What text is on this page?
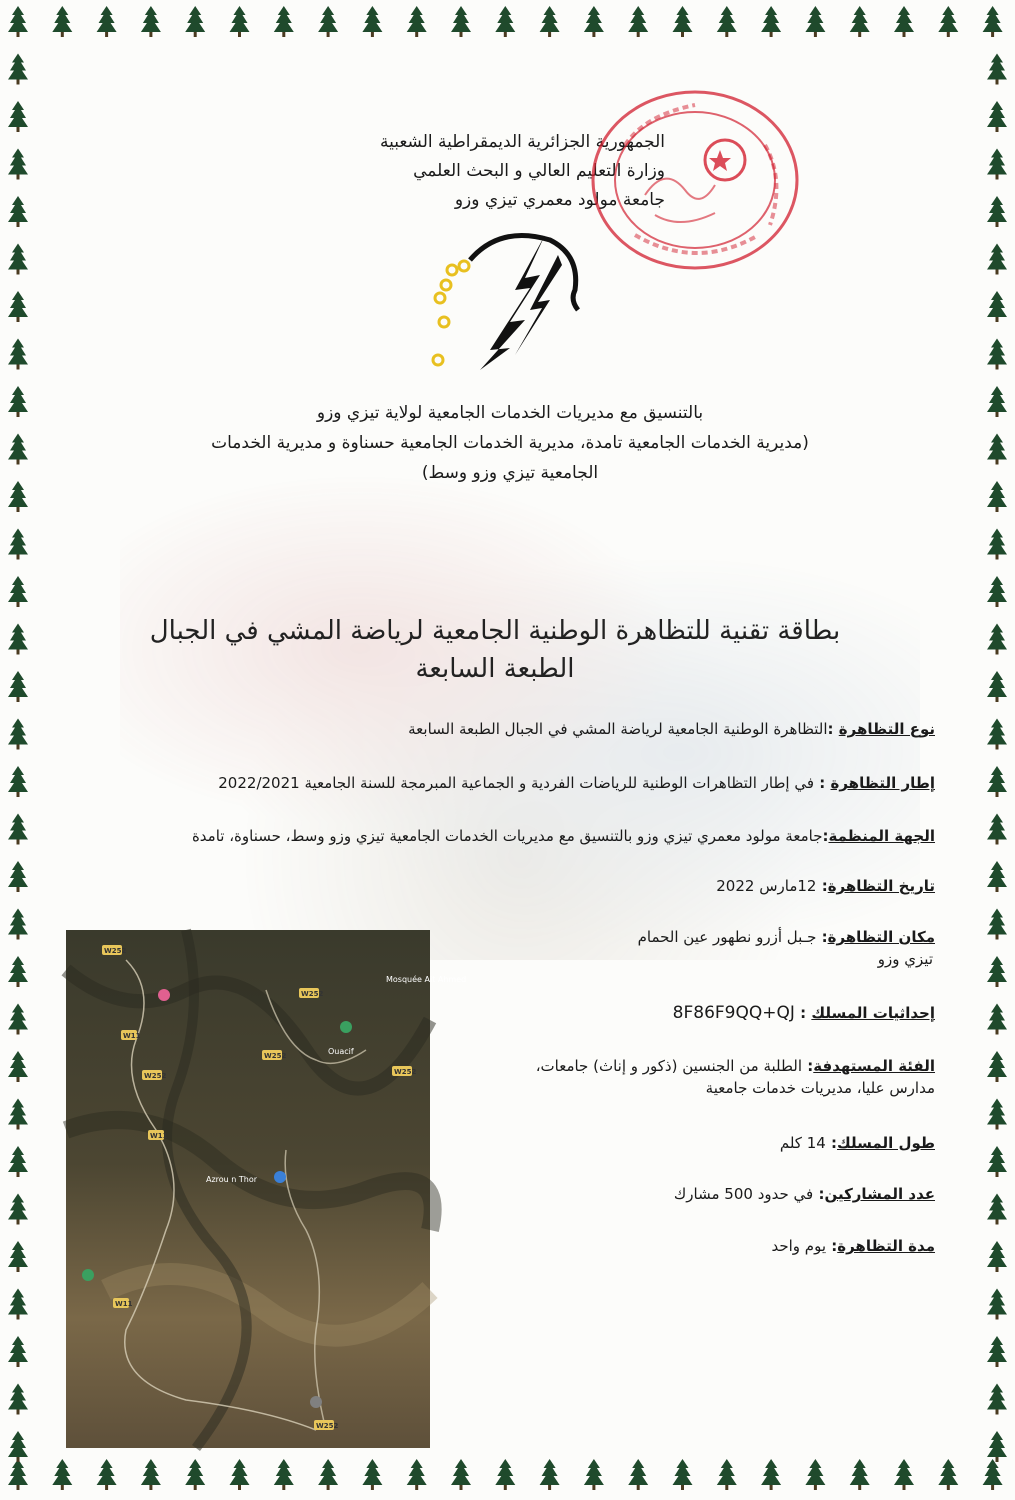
الجمهورية الجزائرية الديمقراطية الشعبية
وزارة التعليم العالي و البحث العلمي
جامعة مولود معمري تيزي وزو
بالتنسيق مع مديريات الخدمات الجامعية لولاية تيزي وزو
(مديرية الخدمات الجامعية تامدة، مديرية الخدمات الجامعية حسناوة و مديرية الخدمات
الجامعية تيزي وزو وسط)
بطاقة تقنية للتظاهرة الوطنية الجامعية لرياضة المشي في الجبال
الطبعة السابعة
نوع التظاهرة :التظاهرة الوطنية الجامعية لرياضة المشي في الجبال الطبعة السابعة
إطار التظاهرة : في إطار التظاهرات الوطنية للرياضات الفردية و الجماعية المبرمجة للسنة الجامعية 2022/2021
الجهة المنظمة:جامعة مولود معمري تيزي وزو بالتنسيق مع مديريات الخدمات الجامعية تيزي وزو وسط، حسناوة، تامدة
تاريخ التظاهرة: 12مارس 2022
مكان التظاهرة: جـبل أزرو نطهور عين الحمام
تيزي وزو
إحداثيات المسلك : 8F86F9QQ+QJ
الفئة المستهدفة: الطلبة من الجنسين (ذكور و إناث) جامعات،
مدارس عليا، مديريات خدمات جامعية
طول المسلك: 14 كلم
عدد المشاركين: في حدود 500 مشارك
مدة التظاهرة: يوم واحد
W252
W252
W252
W252
W252
W11
W11
W11
W252
Mosquée Ait Ahmed
Ouacif
Azrou n Thor
